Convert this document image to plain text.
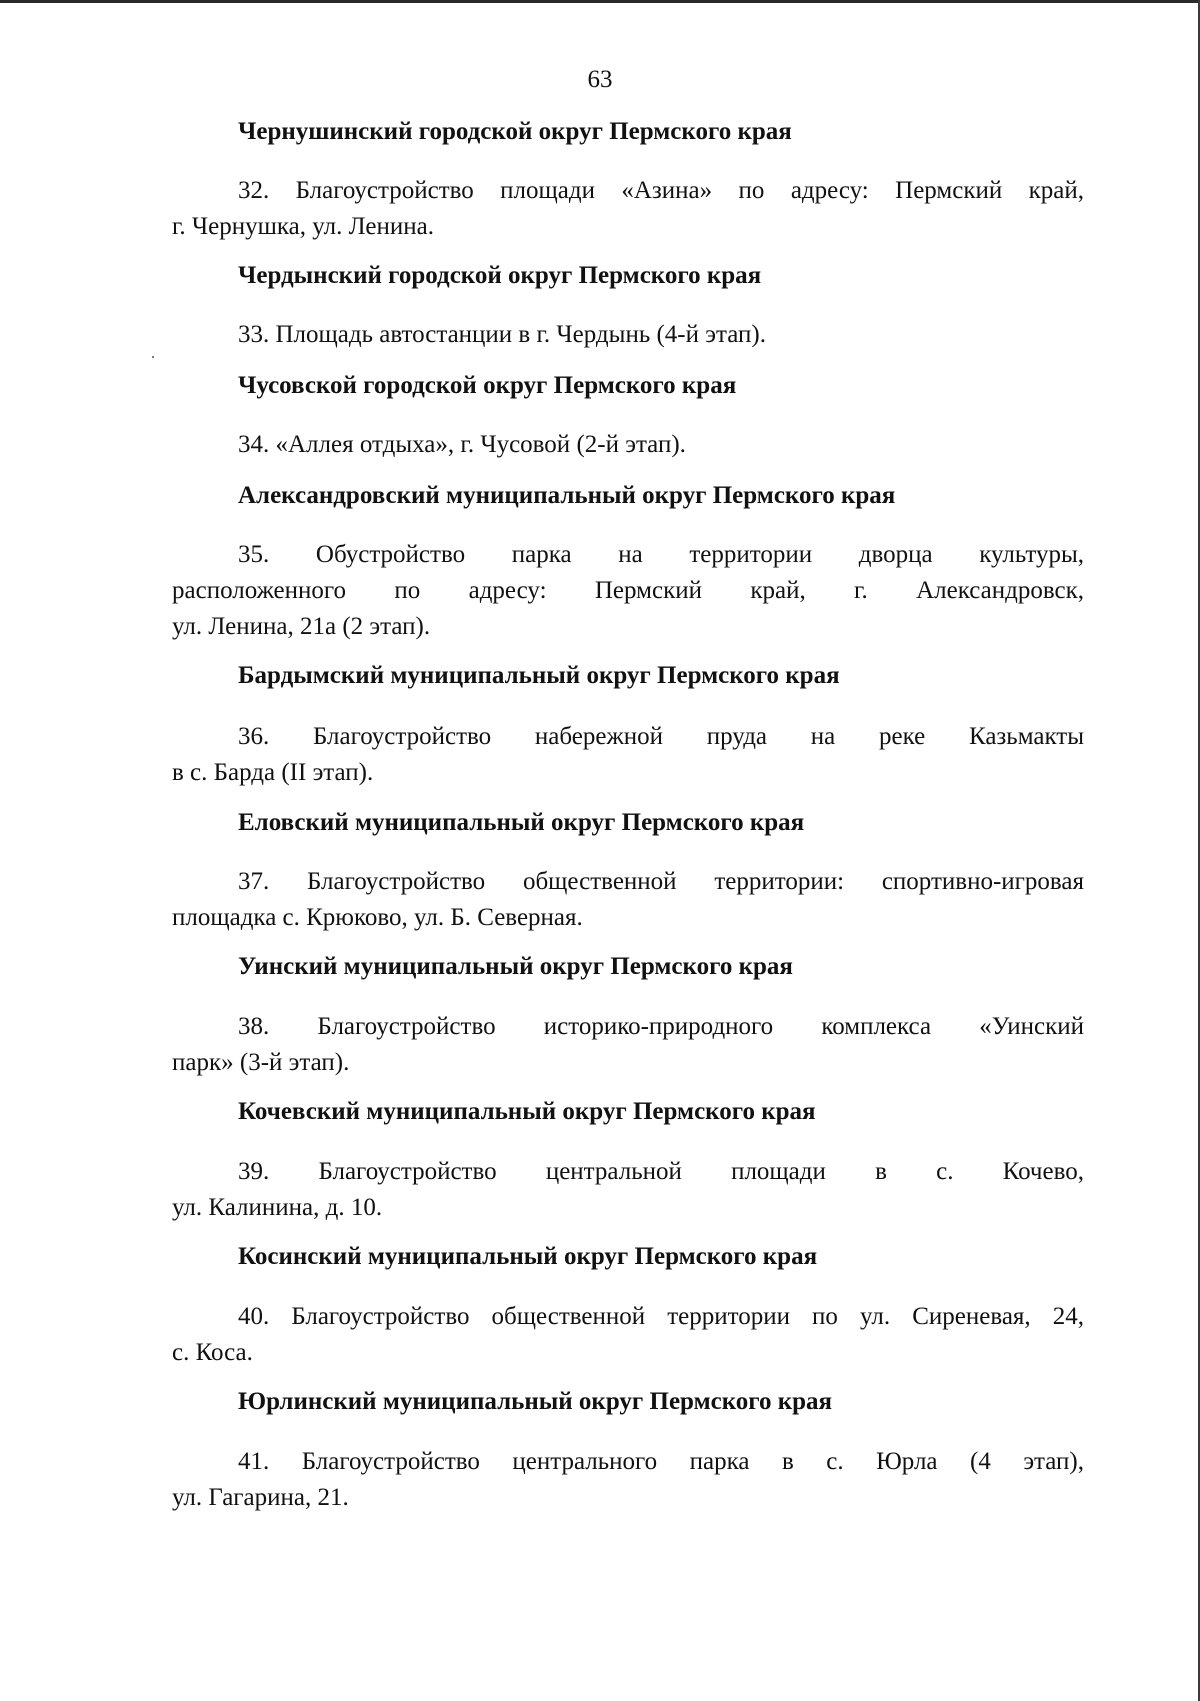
63
Чернушинский городской округ Пермского края
32. Благоустройство площади «Азина» по адресу: Пермский край,
г. Чернушка, ул. Ленина.
Чердынский городской округ Пермского края
33. Площадь автостанции в г. Чердынь (4-й этап).
Чусовской городской округ Пермского края
34. «Аллея отдыха», г. Чусовой (2-й этап).
Александровский муниципальный округ Пермского края
35. Обустройство парка на территории дворца культуры,
расположенного по адресу: Пермский край, г. Александровск,
ул. Ленина, 21а (2 этап).
Бардымский муниципальный округ Пермского края
36. Благоустройство набережной пруда на реке Казьмакты
в с. Барда (II этап).
Еловский муниципальный округ Пермского края
37. Благоустройство общественной территории: спортивно-игровая
площадка с. Крюково, ул. Б. Северная.
Уинский муниципальный округ Пермского края
38. Благоустройство историко-природного комплекса «Уинский
парк» (3-й этап).
Кочевский муниципальный округ Пермского края
39. Благоустройство центральной площади в с. Кочево,
ул. Калинина, д. 10.
Косинский муниципальный округ Пермского края
40. Благоустройство общественной территории по ул. Сиреневая, 24,
с. Коса.
Юрлинский муниципальный округ Пермского края
41. Благоустройство центрального парка в с. Юрла (4 этап),
ул. Гагарина, 21.
